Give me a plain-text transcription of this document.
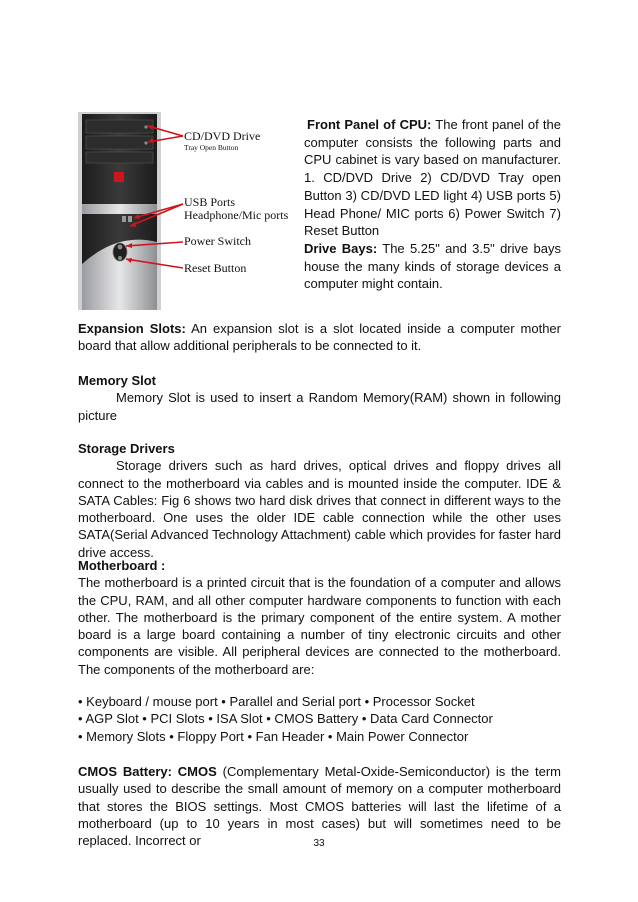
CD/DVD Drive
Tray Open Button
USB Ports
Headphone/Mic ports
Power Switch
Reset Button

Front Panel of CPU: The front panel of the computer consists the following parts and CPU cabinet is vary based on manufacturer. 1. CD/DVD Drive 2) CD/DVD Tray open Button 3) CD/DVD LED light 4) USB ports 5) Head Phone/ MIC ports 6) Power Switch 7) Reset Button

Drive Bays: The 5.25" and 3.5" drive bays house the many kinds of storage devices a computer might contain.

Expansion Slots: An expansion slot is a slot located inside a computer mother board that allow additional peripherals to be connected to it.

Memory Slot

Memory Slot is used to insert a Random Memory(RAM) shown in following picture

Storage Drivers

Storage drivers such as hard drives, optical drives and floppy drives all connect to the motherboard via cables and is mounted inside the computer. IDE & SATA Cables: Fig 6 shows two hard disk drives that connect in different ways to the motherboard. One uses the older IDE cable connection while the other uses SATA(Serial Advanced Technology Attachment) cable which provides for faster hard drive access.

Motherboard :

The motherboard is a printed circuit that is the foundation of a computer and allows the CPU, RAM, and all other computer hardware components to function with each other. The motherboard is the primary component of the entire system. A mother board is a large board containing a number of tiny electronic circuits and other components are visible. All peripheral devices are connected to the motherboard. The components of the motherboard are:

• Keyboard / mouse port • Parallel and Serial port • Processor Socket

• AGP Slot • PCI Slots • ISA Slot • CMOS Battery • Data Card Connector

• Memory Slots • Floppy Port • Fan Header • Main Power Connector

CMOS Battery: CMOS (Complementary Metal-Oxide-Semiconductor) is the term usually used to describe the small amount of memory on a computer motherboard that stores the BIOS settings. Most CMOS batteries will last the lifetime of a motherboard (up to 10 years in most cases) but will sometimes need to be replaced. Incorrect or	33
